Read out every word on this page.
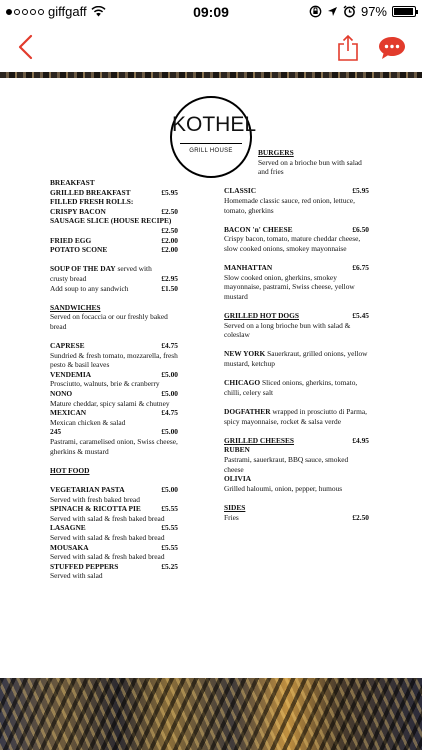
giffgaff	09:09	97%
KOTHEL
GRILL HOUSE
BREAKFAST
GRILLED BREAKFAST	£5.95
FILLED FRESH ROLLS:
CRISPY BACON	£2.50
SAUSAGE SLICE (HOUSE RECIPE)
£2.50
FRIED EGG	£2.00
POTATO SCONE	£2.00
SOUP OF THE DAY served with crusty bread	£2.95
Add soup to any sandwich	£1.50
SANDWICHES
Served on focaccia or our freshly baked bread
CAPRESE	£4.75
Sundried & fresh tomato, mozzarella, fresh pesto & basil leaves
VENDEMIA	£5.00
Prosciutto, walnuts, brie & cranberry
NONO	£5.00
Mature cheddar, spicy salami & chutney
MEXICAN	£4.75
Mexican chicken & salad
245	£5.00
Pastrami, caramelised onion, Swiss cheese, gherkins & mustard
HOT FOOD
VEGETARIAN PASTA	£5.00
Served with fresh baked bread
SPINACH & RICOTTA PIE	£5.55
Served with salad & fresh baked bread
LASAGNE	£5.55
Served with salad & fresh baked bread
MOUSAKA	£5.55
Served with salad & fresh baked bread
STUFFED PEPPERS	£5.25
Served with salad
BURGERS
Served on a brioche bun with salad and fries
CLASSIC	£5.95
Homemade classic sauce, red onion, lettuce, tomato, gherkins
BACON 'n' CHEESE	£6.50
Crispy bacon, tomato, mature cheddar cheese, slow cooked onions, smokey mayonnaise
MANHATTAN	£6.75
Slow cooked onion, gherkins, smokey mayonnaise, pastrami, Swiss cheese, yellow mustard
GRILLED HOT DOGS	£5.45
Served on a long brioche bun with salad & coleslaw
NEW YORK Sauerkraut, grilled onions, yellow mustard, ketchup
CHICAGO Sliced onions, gherkins, tomato, chilli, celery salt
DOGFATHER wrapped in prosciutto di Parma, spicy mayonnaise, rocket & salsa verde
GRILLED CHEESES	£4.95
RUBEN
Pastrami, sauerkraut, BBQ sauce, smoked cheese
OLIVIA
Grilled haloumi, onion, pepper, humous
SIDES
Fries	£2.50
